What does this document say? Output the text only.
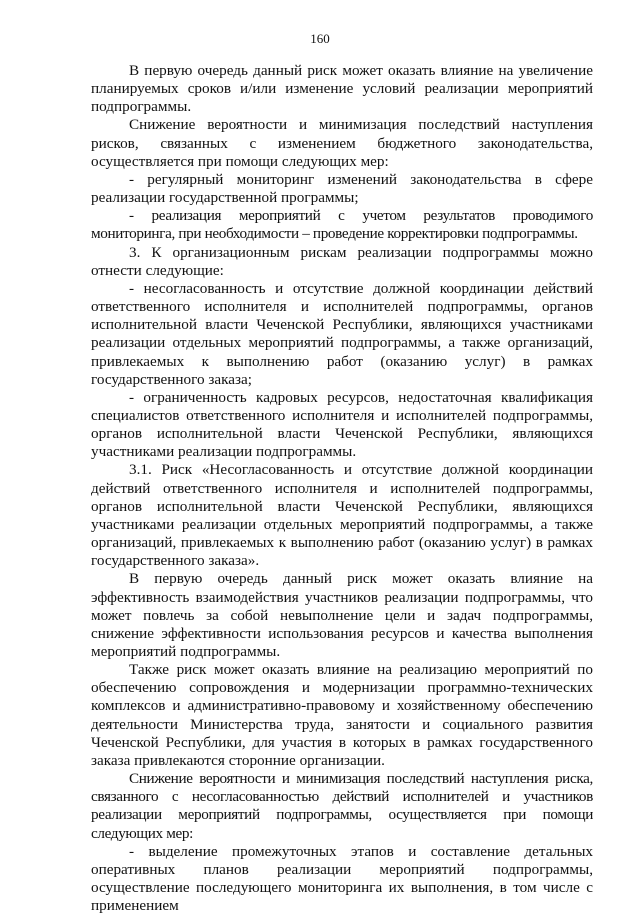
160

В первую очередь данный риск может оказать влияние на увеличение планируемых сроков и/или изменение условий реализации мероприятий подпрограммы.

Снижение вероятности и минимизация последствий наступления рисков, связанных с изменением бюджетного законодательства, осуществляется при помощи следующих мер:

- регулярный мониторинг изменений законодательства в сфере реализации государственной программы;

- реализация мероприятий с учетом результатов проводимого мониторинга, при необходимости – проведение корректировки подпрограммы.

3. К организационным рискам реализации подпрограммы можно отнести следующие:

- несогласованность и отсутствие должной координации действий ответственного исполнителя и исполнителей подпрограммы, органов исполнительной власти Чеченской Республики, являющихся участниками реализации отдельных мероприятий подпрограммы, а также организаций, привлекаемых к выполнению работ (оказанию услуг) в рамках государственного заказа;

- ограниченность кадровых ресурсов, недостаточная квалификация специалистов ответственного исполнителя и исполнителей подпрограммы, органов исполнительной власти Чеченской Республики, являющихся участниками реализации подпрограммы.

3.1. Риск «Несогласованность и отсутствие должной координации действий ответственного исполнителя и исполнителей подпрограммы, органов исполнительной власти Чеченской Республики, являющихся участниками реализации отдельных мероприятий подпрограммы, а также организаций, привлекаемых к выполнению работ (оказанию услуг) в рамках государственного заказа».

В первую очередь данный риск может оказать влияние на эффективность взаимодействия участников реализации подпрограммы, что может повлечь за собой невыполнение цели и задач подпрограммы, снижение эффективности использования ресурсов и качества выполнения мероприятий подпрограммы.

Также риск может оказать влияние на реализацию мероприятий по обеспечению сопровождения и модернизации программно-технических комплексов и административно-правовому и хозяйственному обеспечению деятельности Министерства труда, занятости и социального развития Чеченской Республики, для участия в которых в рамках государственного заказа привлекаются сторонние организации.

Снижение вероятности и минимизация последствий наступления риска, связанного с несогласованностью действий исполнителей и участников реализации мероприятий подпрограммы, осуществляется при помощи следующих мер:

- выделение промежуточных этапов и составление детальных оперативных планов реализации мероприятий подпрограммы, осуществление последующего мониторинга их выполнения, в том числе с применением
